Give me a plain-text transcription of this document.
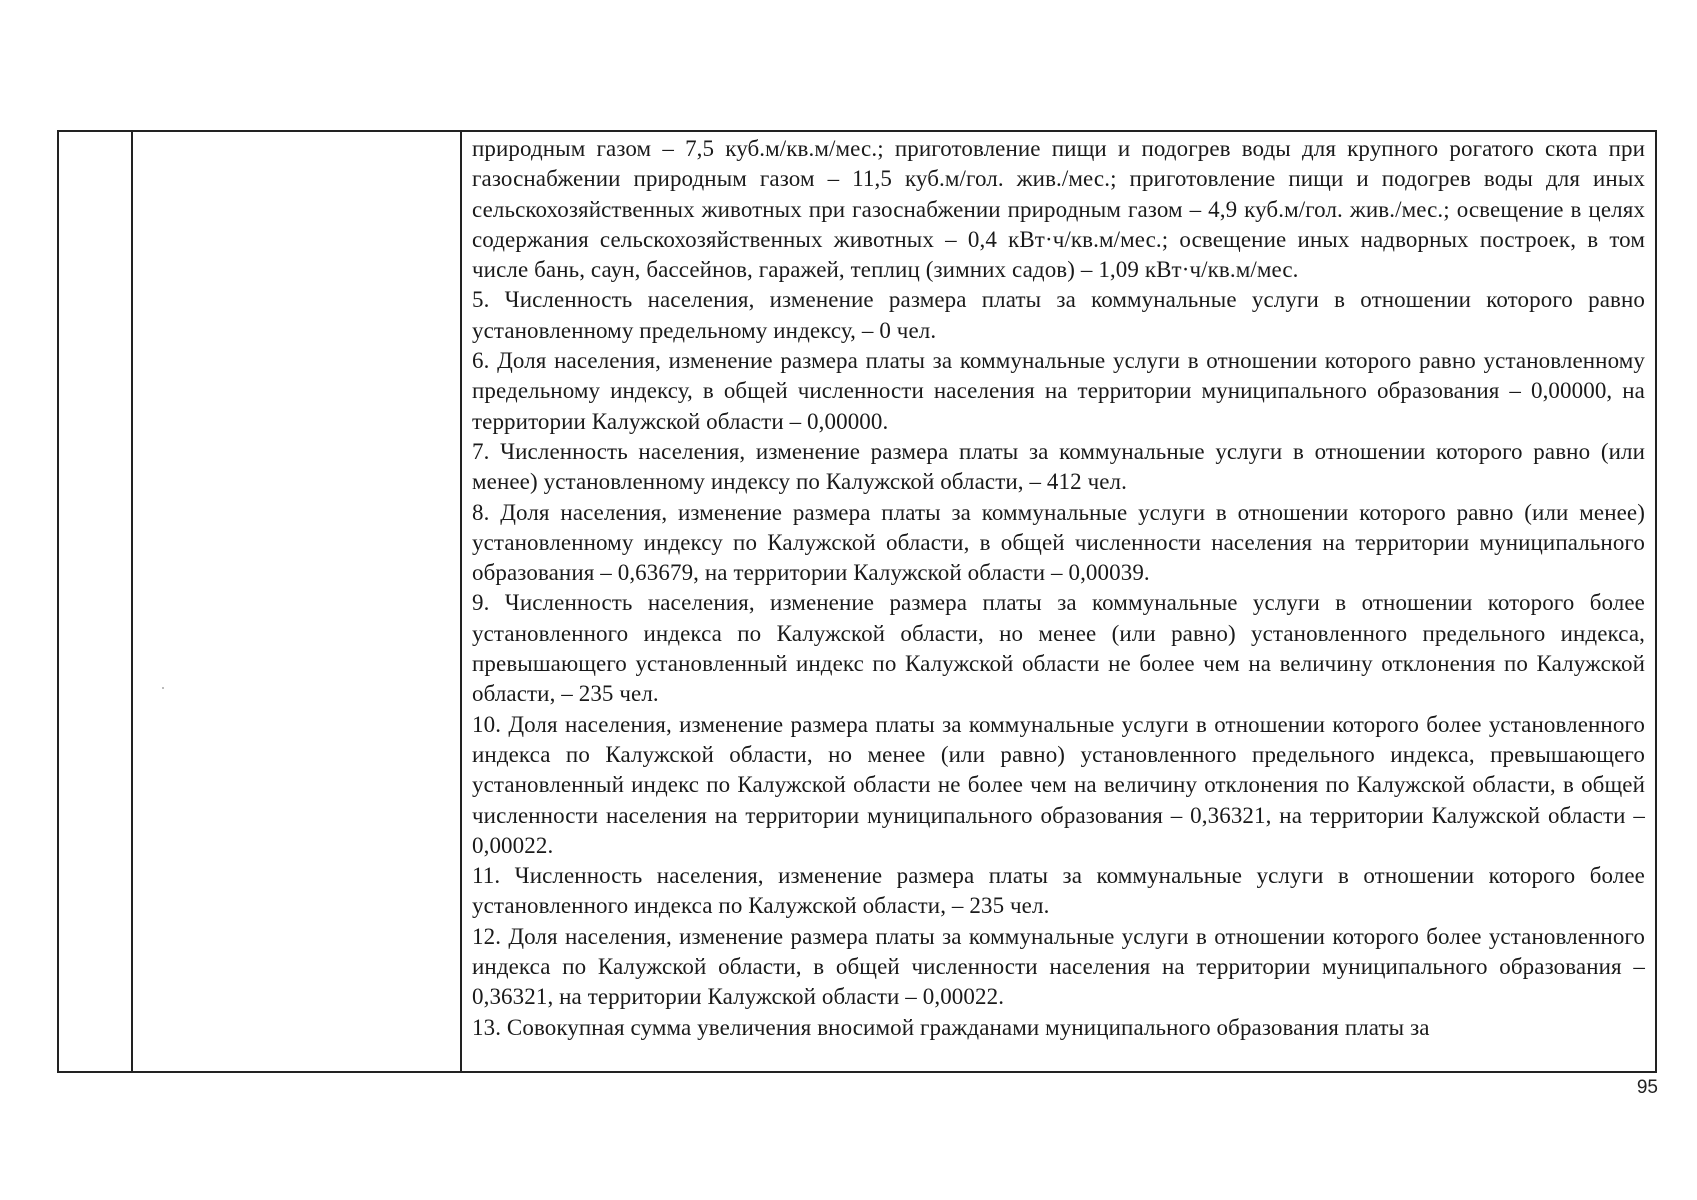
природным газом – 7,5 куб.м/кв.м/мес.; приготовление пищи и подогрев воды для крупного рогатого скота при газоснабжении природным газом – 11,5 куб.м/гол. жив./мес.; приготовление пищи и подогрев воды для иных сельскохозяйственных животных при газоснабжении природным газом – 4,9 куб.м/гол. жив./мес.; освещение в целях содержания сельскохозяйственных животных – 0,4 кВт·ч/кв.м/мес.; освещение иных надворных построек, в том числе бань, саун, бассейнов, гаражей, теплиц (зимних садов) – 1,09 кВт·ч/кв.м/мес.

5. Численность населения, изменение размера платы за коммунальные услуги в отношении которого равно установленному предельному индексу, – 0 чел.

6. Доля населения, изменение размера платы за коммунальные услуги в отношении которого равно установленному предельному индексу, в общей численности населения на территории муниципального образования – 0,00000, на территории Калужской области – 0,00000.

7. Численность населения, изменение размера платы за коммунальные услуги в отношении которого равно (или менее) установленному индексу по Калужской области, – 412 чел.

8. Доля населения, изменение размера платы за коммунальные услуги в отношении которого равно (или менее) установленному индексу по Калужской области, в общей численности населения на территории муниципального образования – 0,63679, на территории Калужской области – 0,00039.

9. Численность населения, изменение размера платы за коммунальные услуги в отношении которого более установленного индекса по Калужской области, но менее (или равно) установленного предельного индекса, превышающего установленный индекс по Калужской области не более чем на величину отклонения по Калужской области, – 235 чел.

10. Доля населения, изменение размера платы за коммунальные услуги в отношении которого более установленного индекса по Калужской области, но менее (или равно) установленного предельного индекса, превышающего установленный индекс по Калужской области не более чем на величину отклонения по Калужской области, в общей численности населения на территории муниципального образования – 0,36321, на территории Калужской области – 0,00022.

11. Численность населения, изменение размера платы за коммунальные услуги в отношении которого более установленного индекса по Калужской области, – 235 чел.

12. Доля населения, изменение размера платы за коммунальные услуги в отношении которого более установленного индекса по Калужской области, в общей численности населения на территории муниципального образования – 0,36321, на территории Калужской области – 0,00022.

13. Совокупная сумма увеличения вносимой гражданами муниципального образования платы за

95
